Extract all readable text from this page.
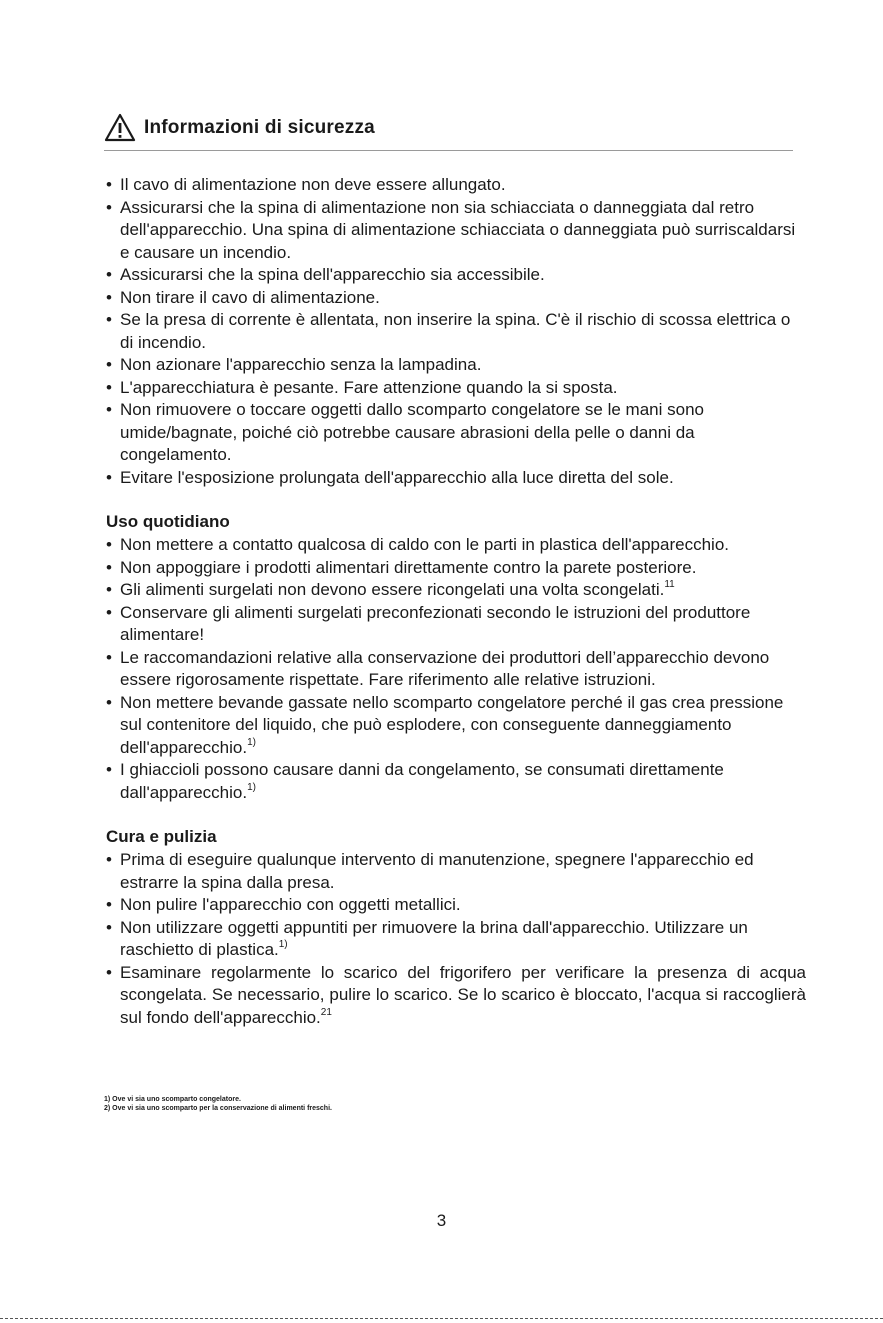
Informazioni di sicurezza
• Il cavo di alimentazione non deve essere allungato.
• Assicurarsi che la spina di alimentazione non sia schiacciata o danneggiata dal retro dell'apparecchio. Una spina di alimentazione schiacciata o danneggiata può surriscaldarsi e causare un incendio.
• Assicurarsi che la spina dell'apparecchio sia accessibile.
• Non tirare il cavo di alimentazione.
• Se la presa di corrente è allentata, non inserire la spina. C'è il rischio di scossa elettrica o di incendio.
• Non azionare l'apparecchio senza la lampadina.
• L'apparecchiatura è pesante. Fare attenzione quando la si sposta.
• Non rimuovere o toccare oggetti dallo scomparto congelatore se le mani sono umide/bagnate, poiché ciò potrebbe causare abrasioni della pelle o danni da congelamento.
• Evitare l'esposizione prolungata dell'apparecchio alla luce diretta del sole.
Uso quotidiano
• Non mettere a contatto qualcosa di caldo con le parti in plastica dell'apparecchio.
• Non appoggiare i prodotti alimentari direttamente contro la parete posteriore.
• Gli alimenti surgelati non devono essere ricongelati una volta scongelati.$^{11}$
• Conservare gli alimenti surgelati preconfezionati secondo le istruzioni del produttore alimentare!
• Le raccomandazioni relative alla conservazione dei produttori dell’apparecchio devono essere rigorosamente rispettate. Fare riferimento alle relative istruzioni.
• Non mettere bevande gassate nello scomparto congelatore perché il gas crea pressione sul contenitore del liquido, che può esplodere, con conseguente danneggiamento dell'apparecchio.$^{1)}$
• I ghiaccioli possono causare danni da congelamento, se consumati direttamente dall'apparecchio.$^{1)}$
Cura e pulizia
• Prima di eseguire qualunque intervento di manutenzione, spegnere l'apparecchio ed estrarre la spina dalla presa.
• Non pulire l'apparecchio con oggetti metallici.
• Non utilizzare oggetti appuntiti per rimuovere la brina dall'apparecchio. Utilizzare un raschietto di plastica.$^{1)}$
• Esaminare regolarmente lo scarico del frigorifero per verificare la presenza di acqua scongelata. Se necessario, pulire lo scarico. Se lo scarico è bloccato, l'acqua si raccoglierà sul fondo dell'apparecchio.$^{21}$
1) Ove vi sia uno scomparto congelatore.
2) Ove vi sia uno scomparto per la conservazione di alimenti freschi.
3
